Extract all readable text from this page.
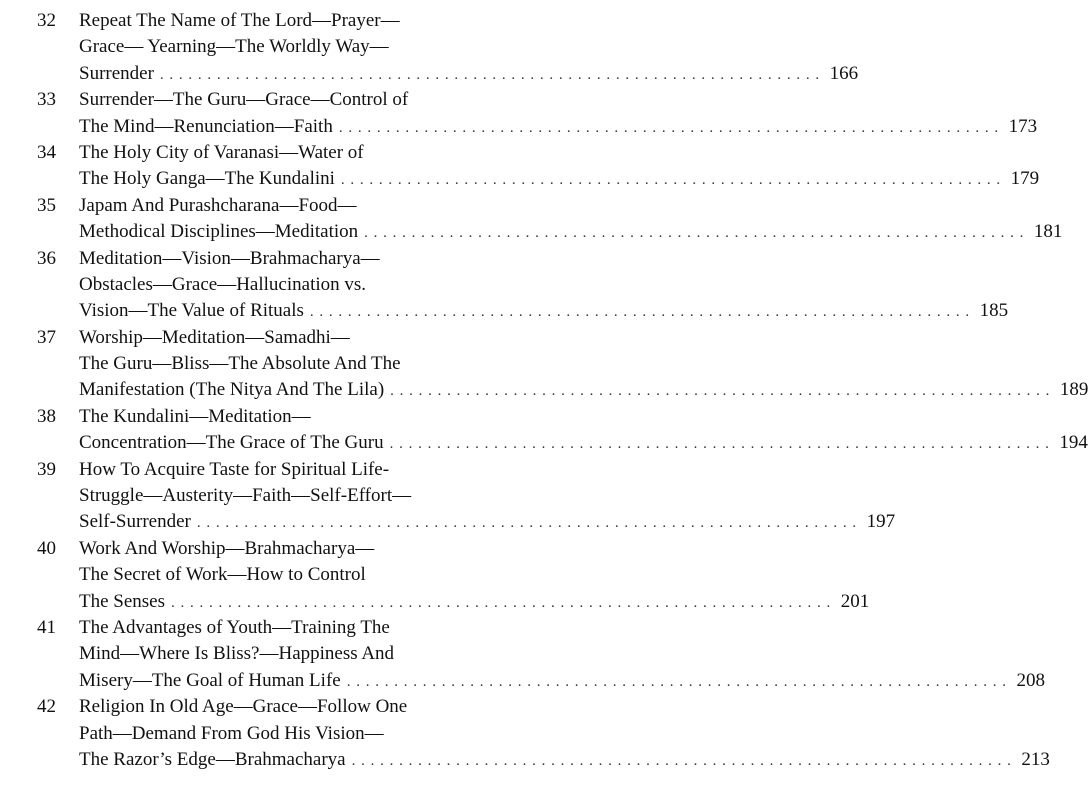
32	Repeat The Name of The Lord—Prayer—
Grace— Yearning—The Worldly Way—
Surrender . . . . . . . . . . . . . . . . . . . . . . . . . . . . . . . . . . . . . . . . . . . . . . . . . . . . . . . . . . . . . . . . . . . . . . 166
33	Surrender—The Guru—Grace—Control of
The Mind—Renunciation—Faith . . . . . . . . . . . . . . . . . . . . . . . . . . . . . . . . . . . . . . . . . . . . . . . . . . . . . . . . . . . . . . . . . . . . . . 173
34	The Holy City of Varanasi—Water of
The Holy Ganga—The Kundalini . . . . . . . . . . . . . . . . . . . . . . . . . . . . . . . . . . . . . . . . . . . . . . . . . . . . . . . . . . . . . . . . . . . . . . 179
35	Japam And Purashcharana—Food—
Methodical Disciplines—Meditation . . . . . . . . . . . . . . . . . . . . . . . . . . . . . . . . . . . . . . . . . . . . . . . . . . . . . . . . . . . . . . . . . . . . . . 181
36	Meditation—Vision—Brahmacharya—
Obstacles—Grace—Hallucination vs.
Vision—The Value of Rituals . . . . . . . . . . . . . . . . . . . . . . . . . . . . . . . . . . . . . . . . . . . . . . . . . . . . . . . . . . . . . . . . . . . . . . 185
37	Worship—Meditation—Samadhi—
The Guru—Bliss—The Absolute And The
Manifestation (The Nitya And The Lila) . . . . . . . . . . . . . . . . . . . . . . . . . . . . . . . . . . . . . . . . . . . . . . . . . . . . . . . . . . . . . . . . . . . . . . 189
38	The Kundalini—Meditation—
Concentration—The Grace of The Guru . . . . . . . . . . . . . . . . . . . . . . . . . . . . . . . . . . . . . . . . . . . . . . . . . . . . . . . . . . . . . . . . . . . . . . 194
39	How To Acquire Taste for Spiritual Life-
Struggle—Austerity—Faith—Self-Effort—
Self-Surrender . . . . . . . . . . . . . . . . . . . . . . . . . . . . . . . . . . . . . . . . . . . . . . . . . . . . . . . . . . . . . . . . . . . . . . 197
40	Work And Worship—Brahmacharya—
The Secret of Work—How to Control
The Senses . . . . . . . . . . . . . . . . . . . . . . . . . . . . . . . . . . . . . . . . . . . . . . . . . . . . . . . . . . . . . . . . . . . . . . 201
41	The Advantages of Youth—Training The
Mind—Where Is Bliss?—Happiness And
Misery—The Goal of Human Life . . . . . . . . . . . . . . . . . . . . . . . . . . . . . . . . . . . . . . . . . . . . . . . . . . . . . . . . . . . . . . . . . . . . . . 208
42	Religion In Old Age—Grace—Follow One
Path—Demand From God His Vision—
The Razor’s Edge—Brahmacharya . . . . . . . . . . . . . . . . . . . . . . . . . . . . . . . . . . . . . . . . . . . . . . . . . . . . . . . . . . . . . . . . . . . . . . 213
